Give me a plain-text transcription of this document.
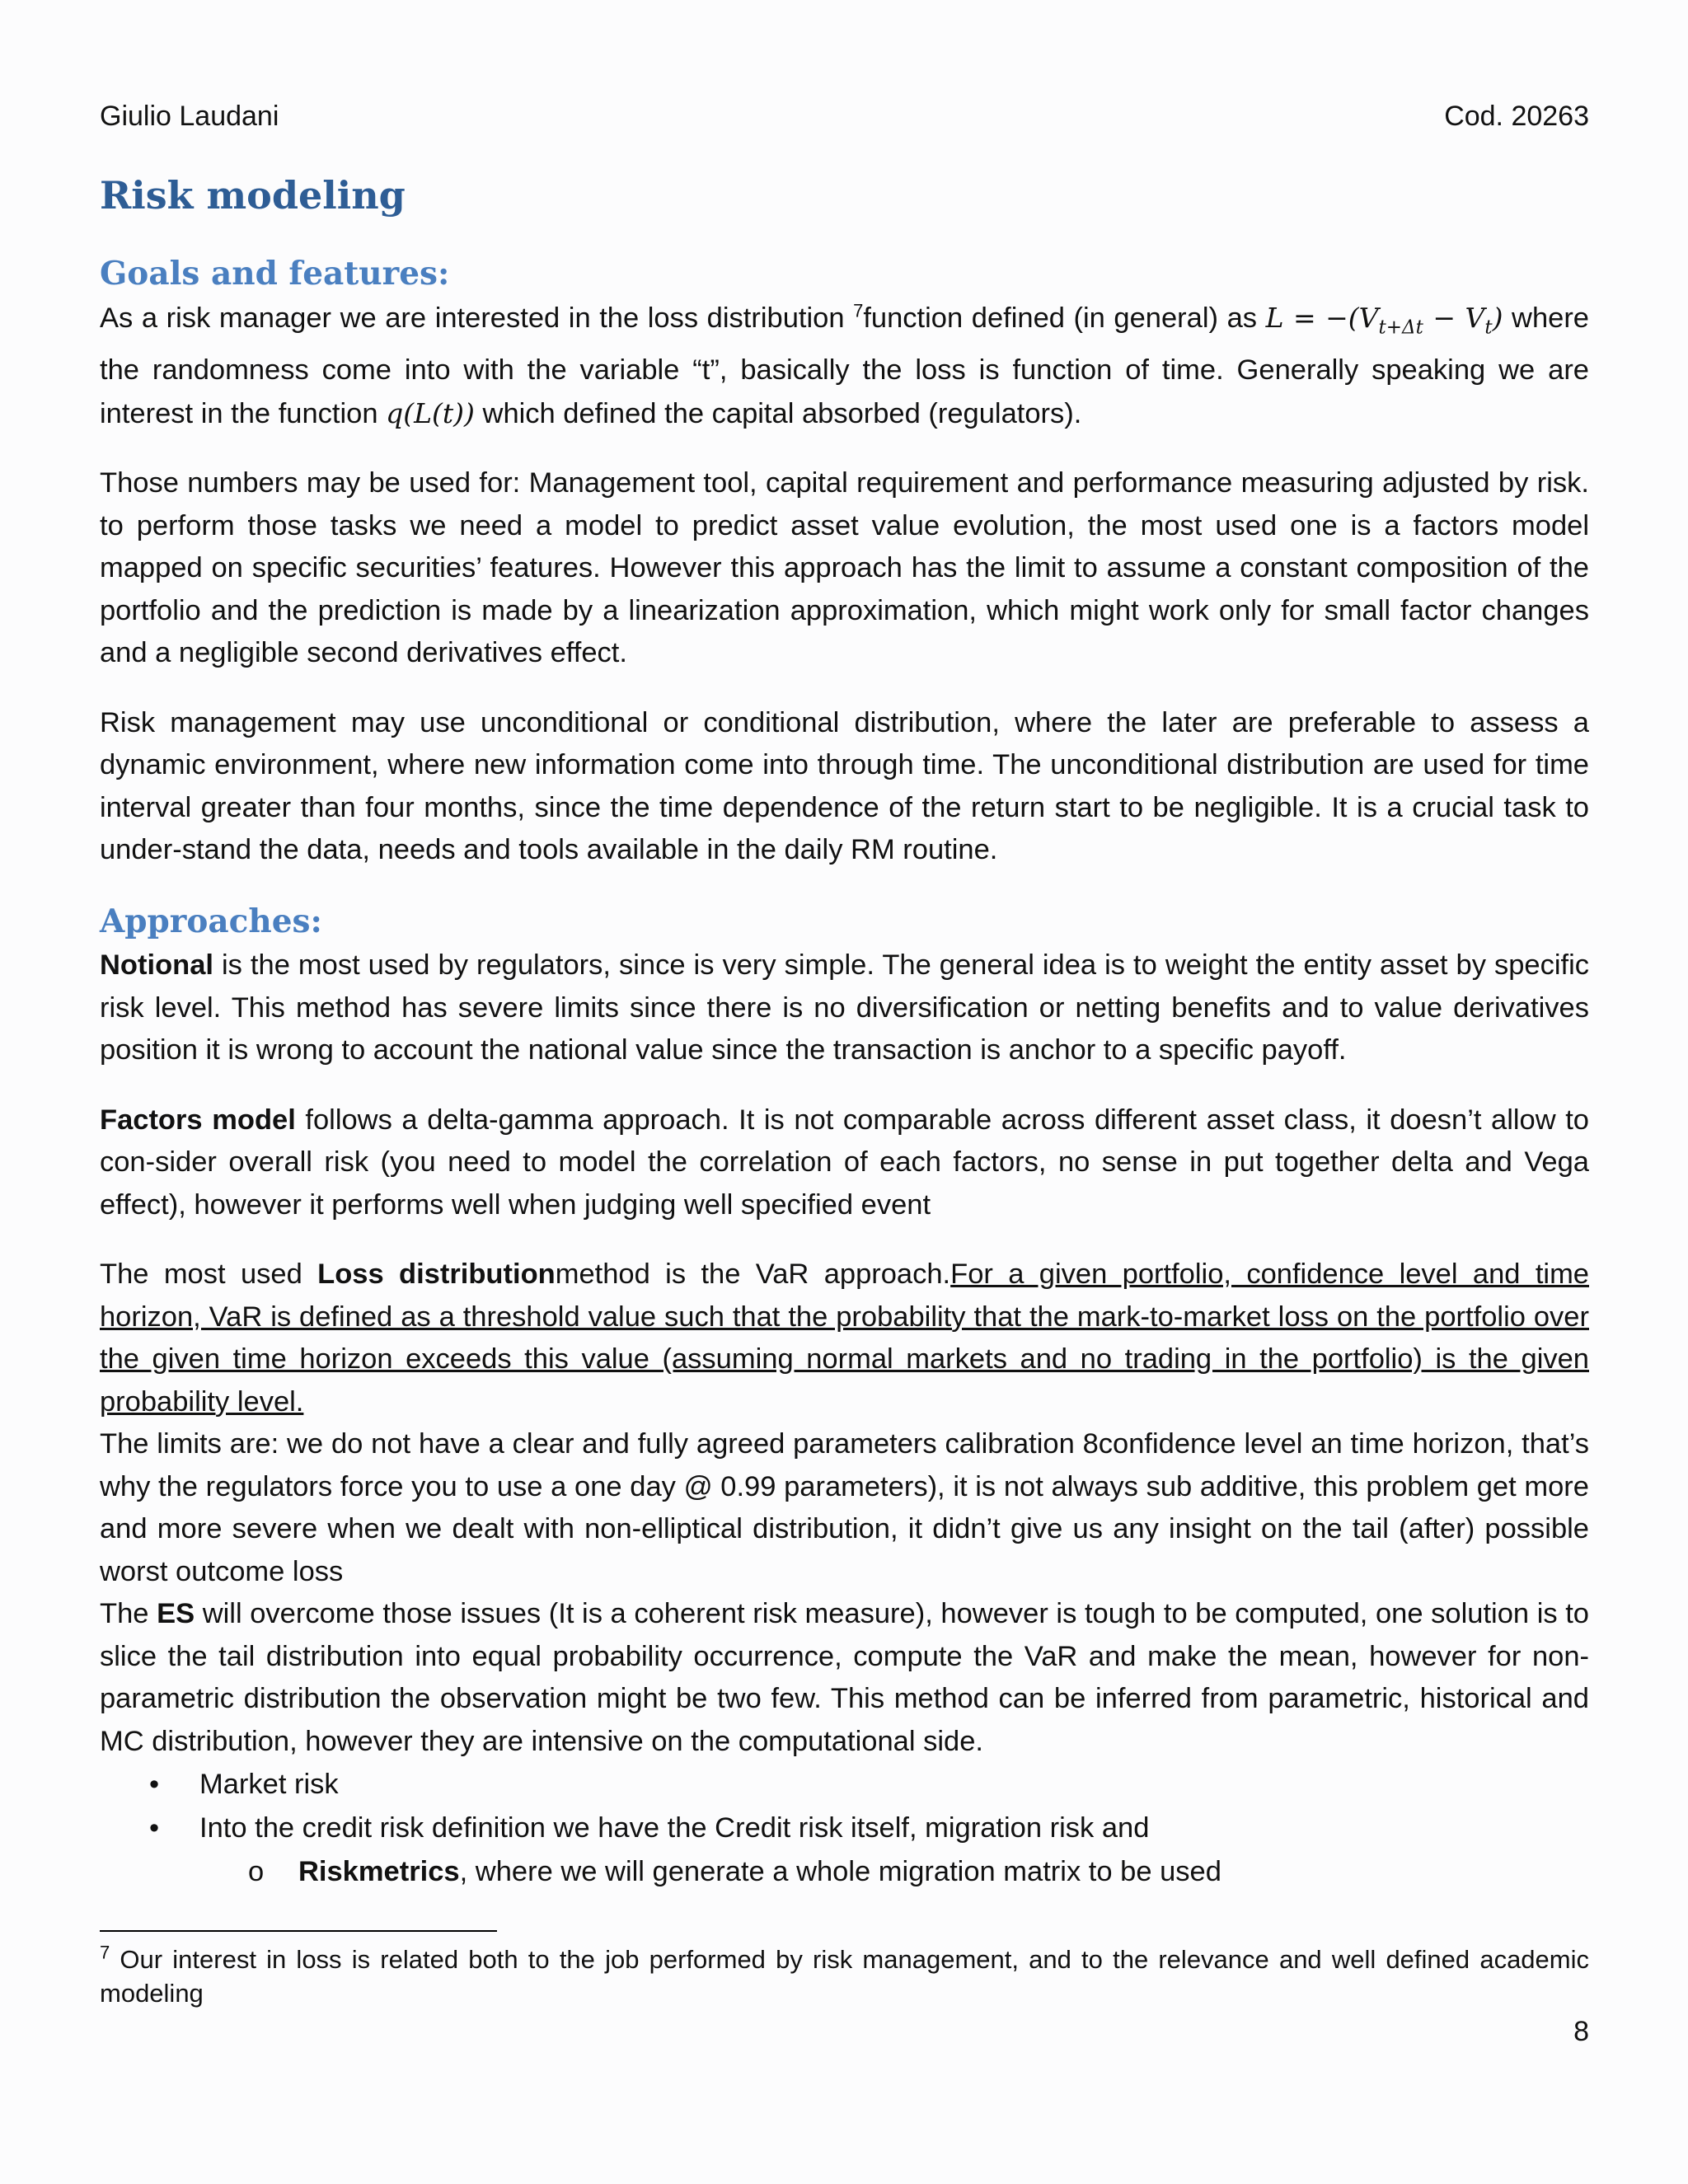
Giulio Laudani	Cod. 20263
Risk modeling
Goals and features:

As a risk manager we are interested in the loss distribution $^7$function defined (in general) as $L = -(V_{t+\Delta t} - V_t)$ where the randomness come into with the variable “t”, basically the loss is function of time. Generally speaking we are interest in the function q(L(t)) which defined the capital absorbed (regulators).

Those numbers may be used for: Management tool, capital requirement and performance measuring adjusted by risk. to perform those tasks we need a model to predict asset value evolution, the most used one is a factors model mapped on specific securities’ features. However this approach has the limit to assume a constant composition of the portfolio and the prediction is made by a linearization approximation, which might work only for small factor changes and a negligible second derivatives effect.

Risk management may use unconditional or conditional distribution, where the later are preferable to assess a dynamic environment, where new information come into through time. The unconditional distribution are used for time interval greater than four months, since the time dependence of the return start to be negligible. It is a crucial task to under-stand the data, needs and tools available in the daily RM routine.

Approaches:

Notional is the most used by regulators, since is very simple. The general idea is to weight the entity asset by specific risk level. This method has severe limits since there is no diversification or netting benefits and to value derivatives position it is wrong to account the national value since the transaction is anchor to a specific payoff.

Factors model follows a delta-gamma approach. It is not comparable across different asset class, it doesn’t allow to con-sider overall risk (you need to model the correlation of each factors, no sense in put together delta and Vega effect), however it performs well when judging well specified event

The most used Loss distributionmethod is the VaR approach.For a given portfolio, confidence level and time horizon, VaR is defined as a threshold value such that the probability that the mark-to-market loss on the portfolio over the given time horizon exceeds this value (assuming normal markets and no trading in the portfolio) is the given probability level.

The limits are: we do not have a clear and fully agreed parameters calibration 8confidence level an time horizon, that’s why the regulators force you to use a one day @ 0.99 parameters), it is not always sub additive, this problem get more and more severe when we dealt with non-elliptical distribution, it didn’t give us any insight on the tail (after) possible worst outcome loss

The ES will overcome those issues (It is a coherent risk measure), however is tough to be computed, one solution is to slice the tail distribution into equal probability occurrence, compute the VaR and make the mean, however for non-parametric distribution the observation might be two few. This method can be inferred from parametric, historical and MC distribution, however they are intensive on the computational side.

• Market risk
• Into the credit risk definition we have the Credit risk itself, migration risk and
o Riskmetrics, where we will generate a whole migration matrix to be used
$^7$ Our interest in loss is related both to the job performed by risk management, and to the relevance and well defined academic modeling
8
